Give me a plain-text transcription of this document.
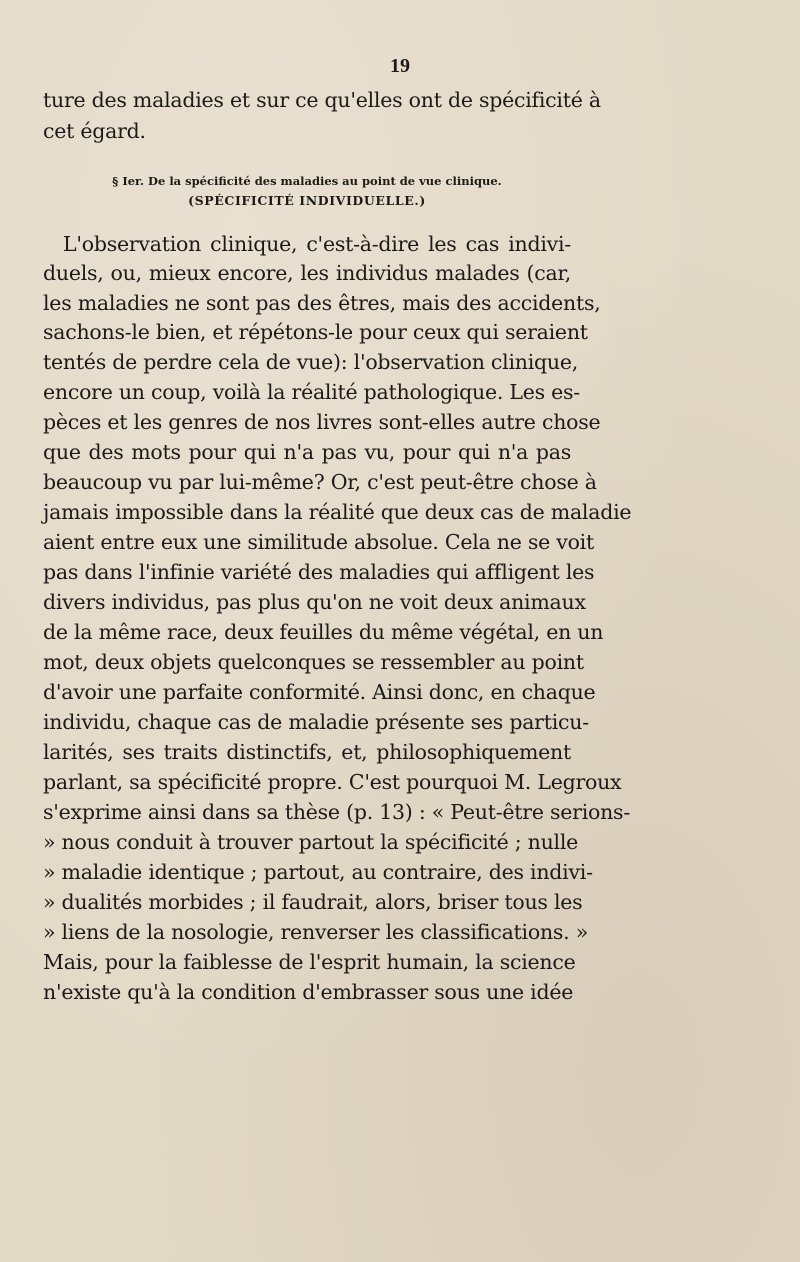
19
ture des maladies et sur ce qu'elles ont de spécificité à
cet égard.
§ Ier. De la spécificité des maladies au point de vue clinique.
(SPÉCIFICITÉ INDIVIDUELLE.)
L'observation clinique, c'est-à-dire les cas indivi-
duels, ou, mieux encore, les individus malades (car,
les maladies ne sont pas des êtres, mais des accidents,
sachons-le bien, et répétons-le pour ceux qui seraient
tentés de perdre cela de vue): l'observation clinique,
encore un coup, voilà la réalité pathologique. Les es-
pèces et les genres de nos livres sont-elles autre chose
que des mots pour qui n'a pas vu, pour qui n'a pas
beaucoup vu par lui-même? Or, c'est peut-être chose à
jamais impossible dans la réalité que deux cas de maladie
aient entre eux une similitude absolue. Cela ne se voit
pas dans l'infinie variété des maladies qui affligent les
divers individus, pas plus qu'on ne voit deux animaux
de la même race, deux feuilles du même végétal, en un
mot, deux objets quelconques se ressembler au point
d'avoir une parfaite conformité. Ainsi donc, en chaque
individu, chaque cas de maladie présente ses particu-
larités, ses traits distinctifs, et, philosophiquement
parlant, sa spécificité propre. C'est pourquoi M. Legroux
s'exprime ainsi dans sa thèse (p. 13) : « Peut-être serions-
» nous conduit à trouver partout la spécificité ; nulle
» maladie identique ; partout, au contraire, des indivi-
» dualités morbides ; il faudrait, alors, briser tous les
» liens de la nosologie, renverser les classifications. »
Mais, pour la faiblesse de l'esprit humain, la science
n'existe qu'à la condition d'embrasser sous une idée
